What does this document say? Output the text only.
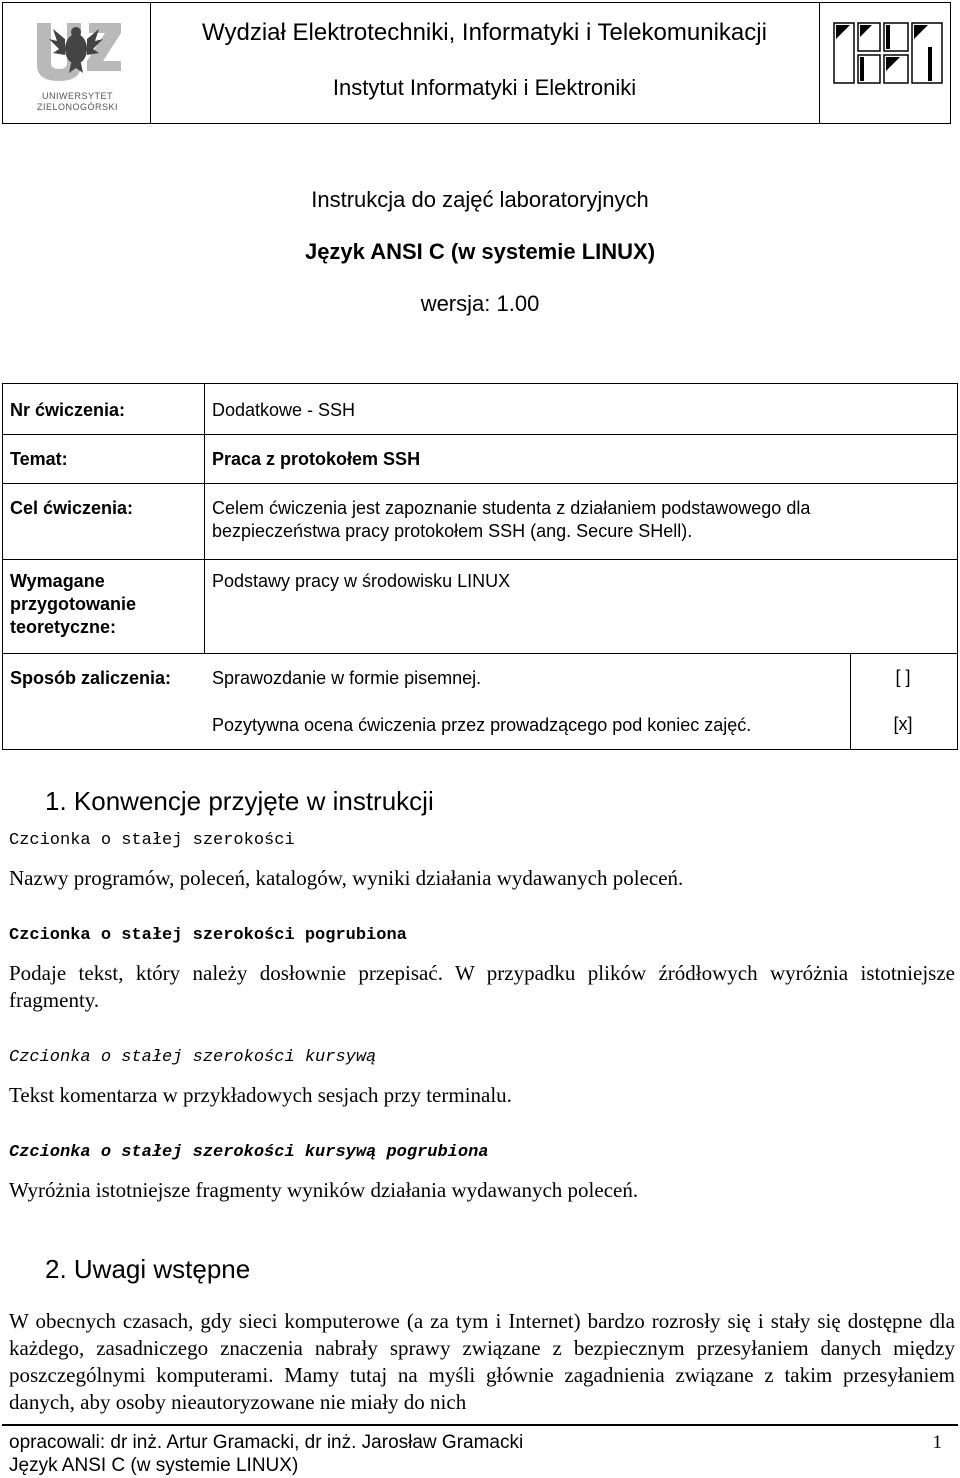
UNIWERSYTET ZIELONOGÓRSKI
Wydział Elektrotechniki, Informatyki i Telekomunikacji
Instytut Informatyki i Elektroniki
Instrukcja do zajęć laboratoryjnych
Język ANSI C (w systemie LINUX)
wersja: 1.00
Nr ćwiczenia:	Dodatkowe - SSH
Temat:	Praca z protokołem SSH
Cel ćwiczenia:	Celem ćwiczenia jest zapoznanie studenta z działaniem podstawowego dla bezpieczeństwa pracy protokołem SSH (ang. Secure SHell).
Wymagane przygotowanie teoretyczne:
Podstawy pracy w środowisku LINUX
Sposób zaliczenia: Sprawozdanie w formie pisemnej.	[ ]
Pozytywna ocena ćwiczenia przez prowadzącego pod koniec zajęć.	[x]
1. Konwencje przyjęte w instrukcji
Czcionka o stałej szerokości
Nazwy programów, poleceń, katalogów, wyniki działania wydawanych poleceń.
Czcionka o stałej szerokości pogrubiona
Podaje tekst, który należy dosłownie przepisać. W przypadku plików źródłowych wyróżnia istotniejsze fragmenty.
Czcionka o stałej szerokości kursywą
Tekst komentarza w przykładowych sesjach przy terminalu.
Czcionka o stałej szerokości kursywą pogrubiona
Wyróżnia istotniejsze fragmenty wyników działania wydawanych poleceń.
2. Uwagi wstępne
W obecnych czasach, gdy sieci komputerowe (a za tym i Internet) bardzo rozrosły się i stały się dostępne dla każdego, zasadniczego znaczenia nabrały sprawy związane z bezpiecznym przesyłaniem danych między poszczególnymi komputerami. Mamy tutaj na myśli głównie zagadnienia związane z takim przesyłaniem danych, aby osoby nieautoryzowane nie miały do nich
opracowali: dr inż. Artur Gramacki, dr inż. Jarosław Gramacki
Język ANSI C (w systemie LINUX)
1
